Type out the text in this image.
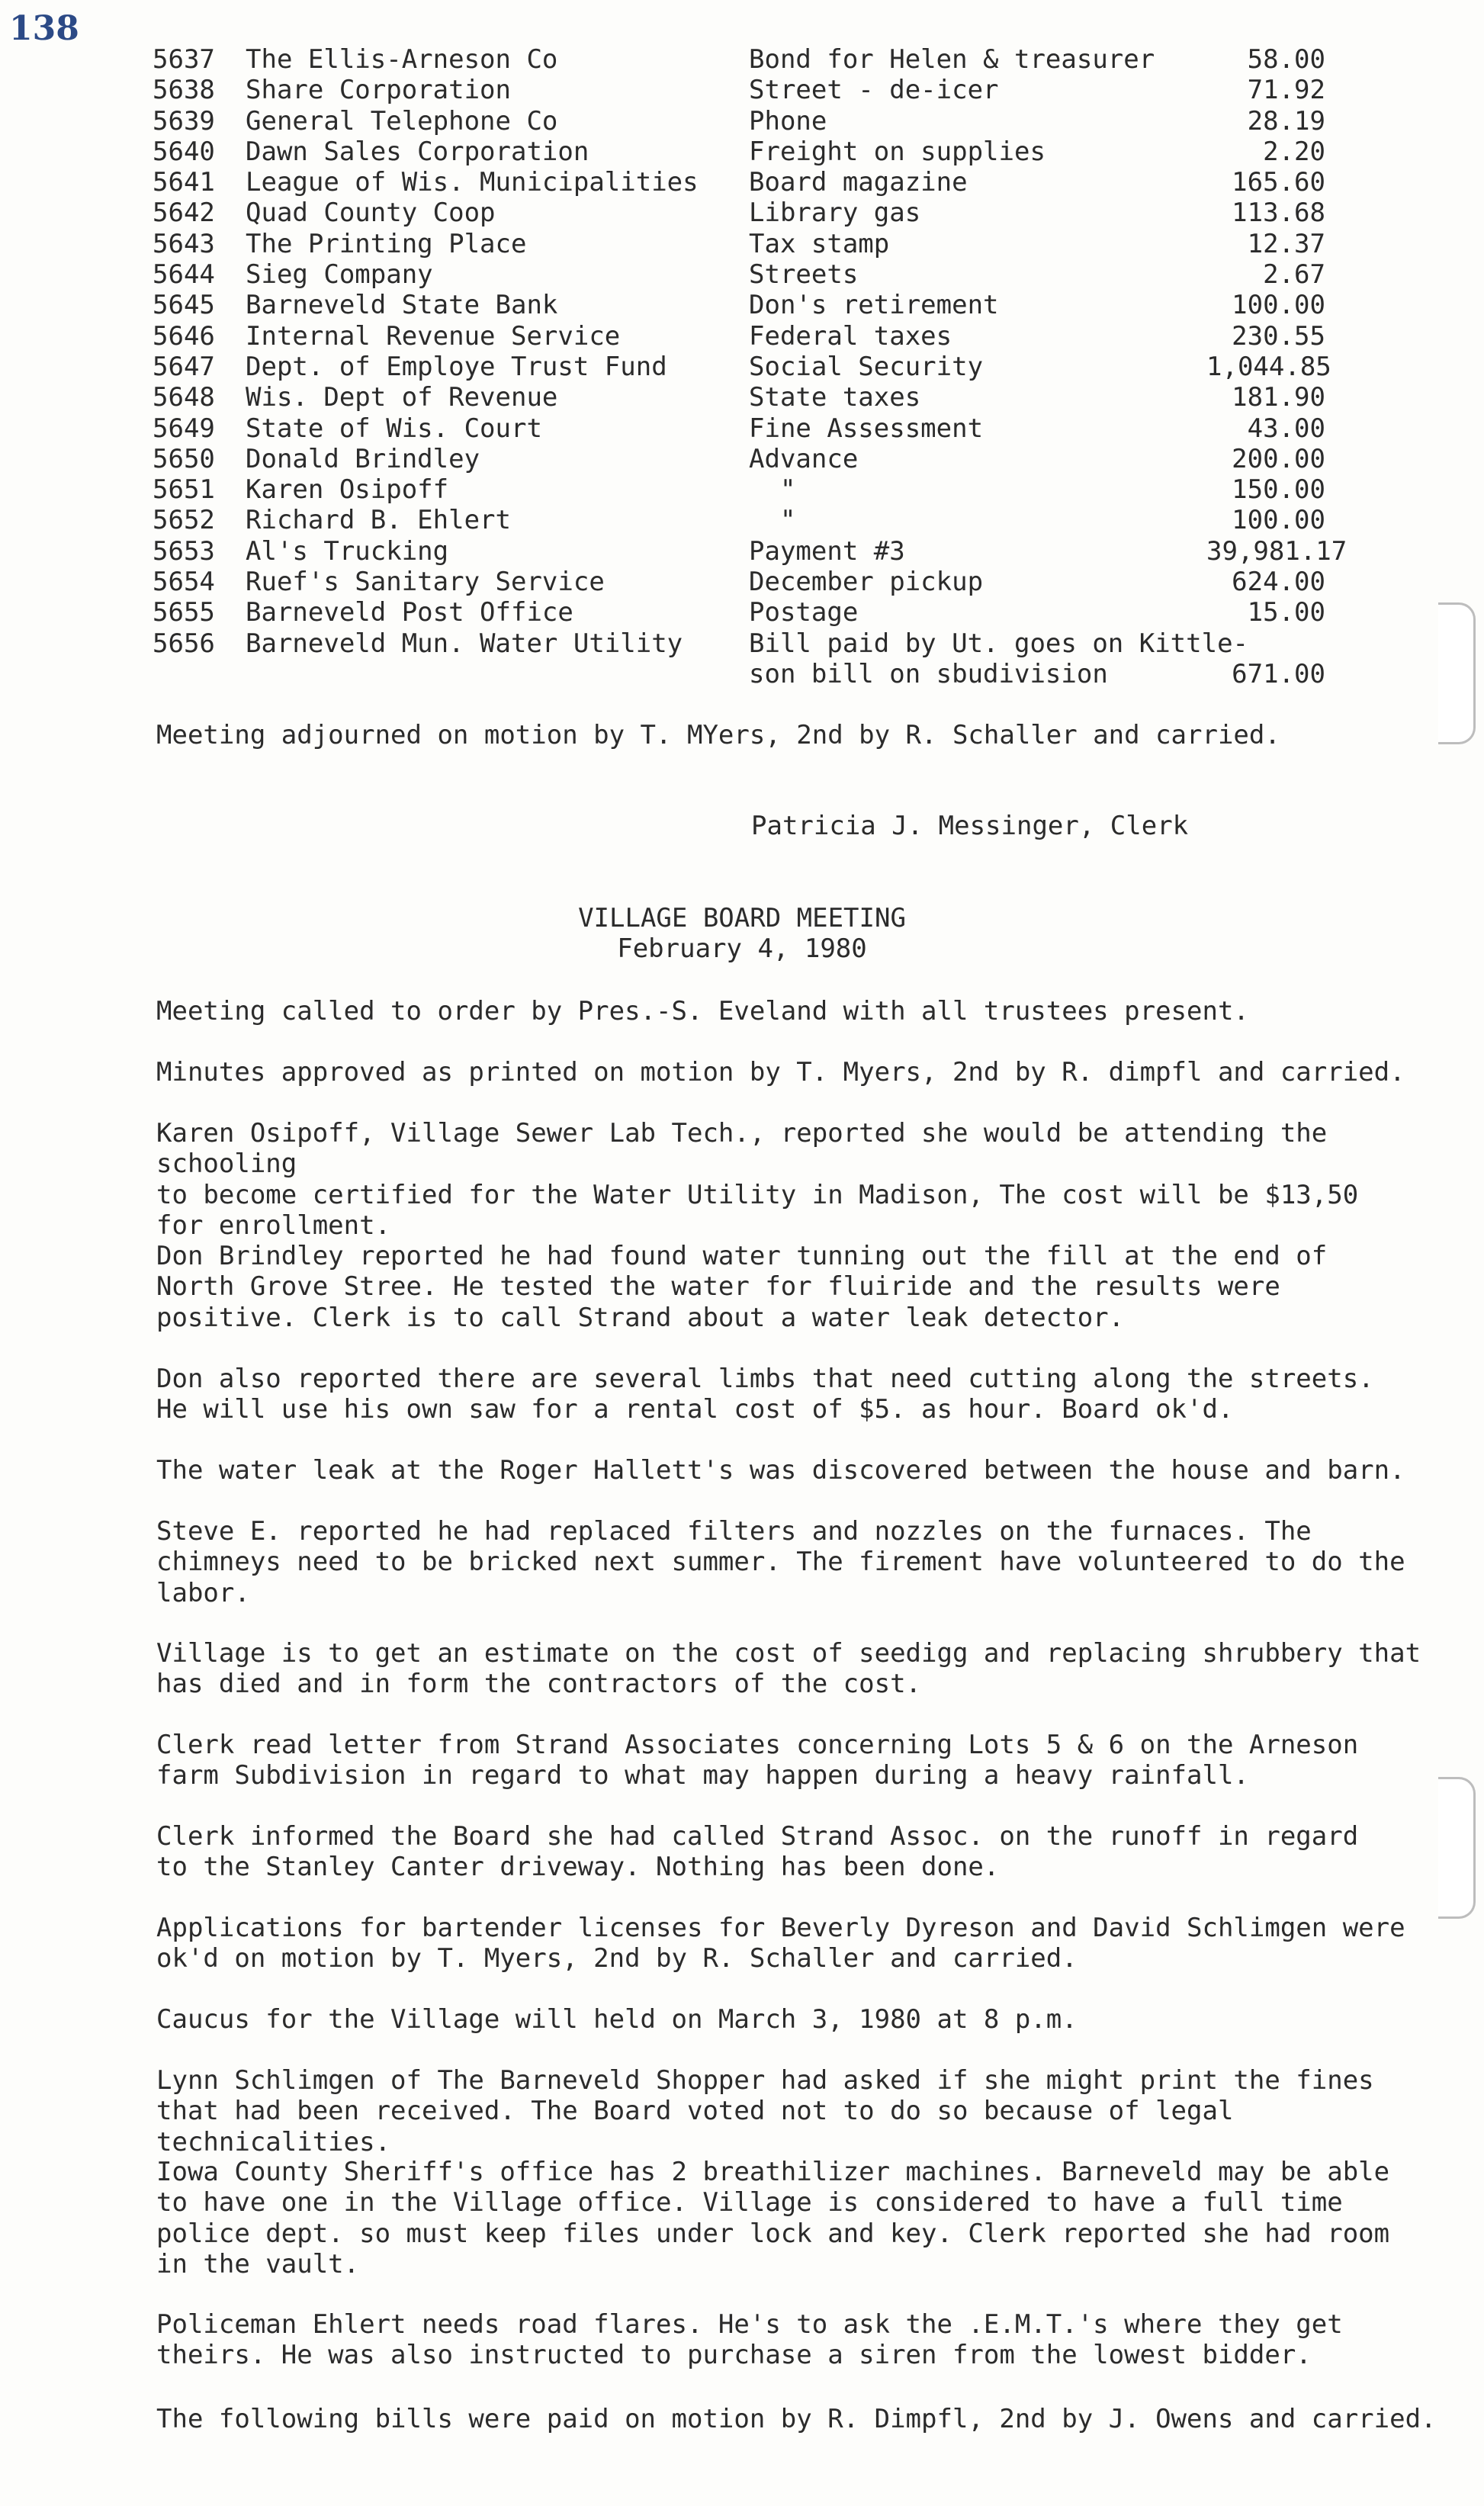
138
5637	The Ellis-Arneson Co	Bond for Helen & treasurer	58.00
5638	Share Corporation	Street - de-icer	71.92
5639	General Telephone Co	Phone	28.19
5640	Dawn Sales Corporation	Freight on supplies	2.20
5641	League of Wis. Municipalities	Board magazine	165.60
5642	Quad County Coop	Library gas	113.68
5643	The Printing Place	Tax stamp	12.37
5644	Sieg Company	Streets	2.67
5645	Barneveld State Bank	Don's retirement	100.00
5646	Internal Revenue Service	Federal taxes	230.55
5647	Dept. of Employe Trust Fund	Social Security	1,044.85
5648	Wis. Dept of Revenue	State taxes	181.90
5649	State of Wis. Court	Fine Assessment	43.00
5650	Donald Brindley	Advance	200.00
5651	Karen Osipoff	"	150.00
5652	Richard B. Ehlert	"	100.00
5653	Al's Trucking	Payment #3	39,981.17
5654	Ruef's Sanitary Service	December pickup	624.00
5655	Barneveld Post Office	Postage	15.00
5656	Barneveld Mun. Water Utility	Bill paid by Ut. goes on Kittle-
son bill on sbudivision	671.00
Meeting adjourned on motion by T. MYers, 2nd by R. Schaller and carried.
Patricia J. Messinger, Clerk
VILLAGE BOARD MEETING
February 4, 1980
Meeting called to order by Pres.-S. Eveland with all trustees present.
Minutes approved as printed on motion by T. Myers, 2nd by R. dimpfl and carried.
Karen Osipoff, Village Sewer Lab Tech., reported she would be attending the schooling
to become certified for the Water Utility in Madison, The cost will be $13,50
for enrollment.
Don Brindley reported he had found water tunning out the fill at the end of
North Grove Stree. He tested the water for fluiride and the results were
positive. Clerk is to call Strand about a water leak detector.
Don also reported there are several limbs that need cutting along the streets.
He will use his own saw for a rental cost of $5. as hour. Board ok'd.
The water leak at the Roger Hallett's was discovered between the house and barn.
Steve E. reported he had replaced filters and nozzles on the furnaces. The
chimneys need to be bricked next summer. The firement have volunteered to do the
labor.
Village is to get an estimate on the cost of seedigg and replacing shrubbery that
has died and in form the contractors of the cost.
Clerk read letter from Strand Associates concerning Lots 5 & 6 on the Arneson
farm Subdivision in regard to what may happen during a heavy rainfall.
Clerk informed the Board she had called Strand Assoc. on the runoff in regard
to the Stanley Canter driveway. Nothing has been done.
Applications for bartender licenses for Beverly Dyreson and David Schlimgen were
ok'd on motion by T. Myers, 2nd by R. Schaller and carried.
Caucus for the Village will held on March 3, 1980 at 8 p.m.
Lynn Schlimgen of The Barneveld Shopper had asked if she might print the fines
that had been received. The Board voted not to do so because of legal technicalities.
Iowa County Sheriff's office has 2 breathilizer machines. Barneveld may be able
to have one in the Village office. Village is considered to have a full time
police dept. so must keep files under lock and key. Clerk reported she had room
in the vault.
Policeman Ehlert needs road flares. He's to ask the .E.M.T.'s where they get
theirs. He was also instructed to purchase a siren from the lowest bidder.
The following bills were paid on motion by R. Dimpfl, 2nd by J. Owens and carried.
